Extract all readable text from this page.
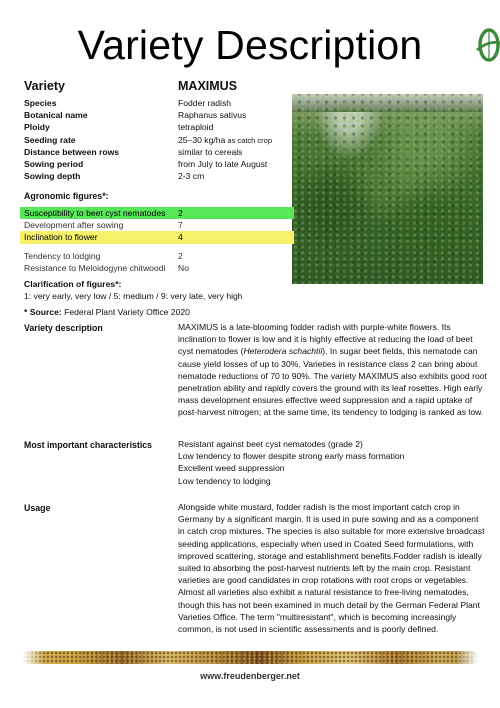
Variety Description
Variety	MAXIMUS
Species	Fodder radish
Botanical name	Raphanus sativus
Ploidy	tetraploid
Seeding rate	25–30 kg/ha as catch crop
Distance between rows	similar to cereals
Sowing period	from July to late August
Sowing depth	2-3 cm
Agronomic figures*:
Susceptibility to beet cyst nematodes	2
Development after sowing	7
Inclination to flower	4
Tendency to lodging	2
Resistance to Meloidogyne chitwoodi	No
Clarification of figures*:
1: very early, very low / 5: medium / 9: very late, very high
* Source: Federal Plant Variety Office 2020
Variety description	MAXIMUS is a late-blooming fodder radish with purple-white flowers. Its
inclination to flower is low and it is highly effective at reducing the load of beet
cyst nematodes (Heterodera schachtii). In sugar beet fields, this nematode can
cause yield losses of up to 30%. Varieties in resistance class 2 can bring about
nematode reductions of 70 to 90%. The variety MAXIMUS also exhibits good root
penetration ability and rapidly covers the ground with its leaf rosettes. High early
mass development ensures effective weed suppression and a rapid uptake of
post-harvest nitrogen; at the same time, its tendency to lodging is ranked as low.
Most important characteristics	Resistant against beet cyst nematodes (grade 2)
Low tendency to flower despite strong early mass formation
Excellent weed suppression
Low tendency to lodging
Usage	Alongside white mustard, fodder radish is the most important catch crop in
Germany by a significant margin. It is used in pure sowing and as a component
in catch crop mixtures. The species is also suitable for more extensive broadcast
seeding applications, especially when used in Coated Seed formulations, with
improved scattering, storage and establishment benefits.Fodder radish is ideally
suited to absorbing the post-harvest nutrients left by the main crop. Resistant
varieties are good candidates in crop rotations with root crops or vegetables.
Almost all varieties also exhibit a natural resistance to free-living nematodes,
though this has not been examined in much detail by the German Federal Plant
Varieties Office. The term "multiresistant", which is becoming increasingly
common, is not used in scientific assessments and is poorly defined.
www.freudenberger.net
